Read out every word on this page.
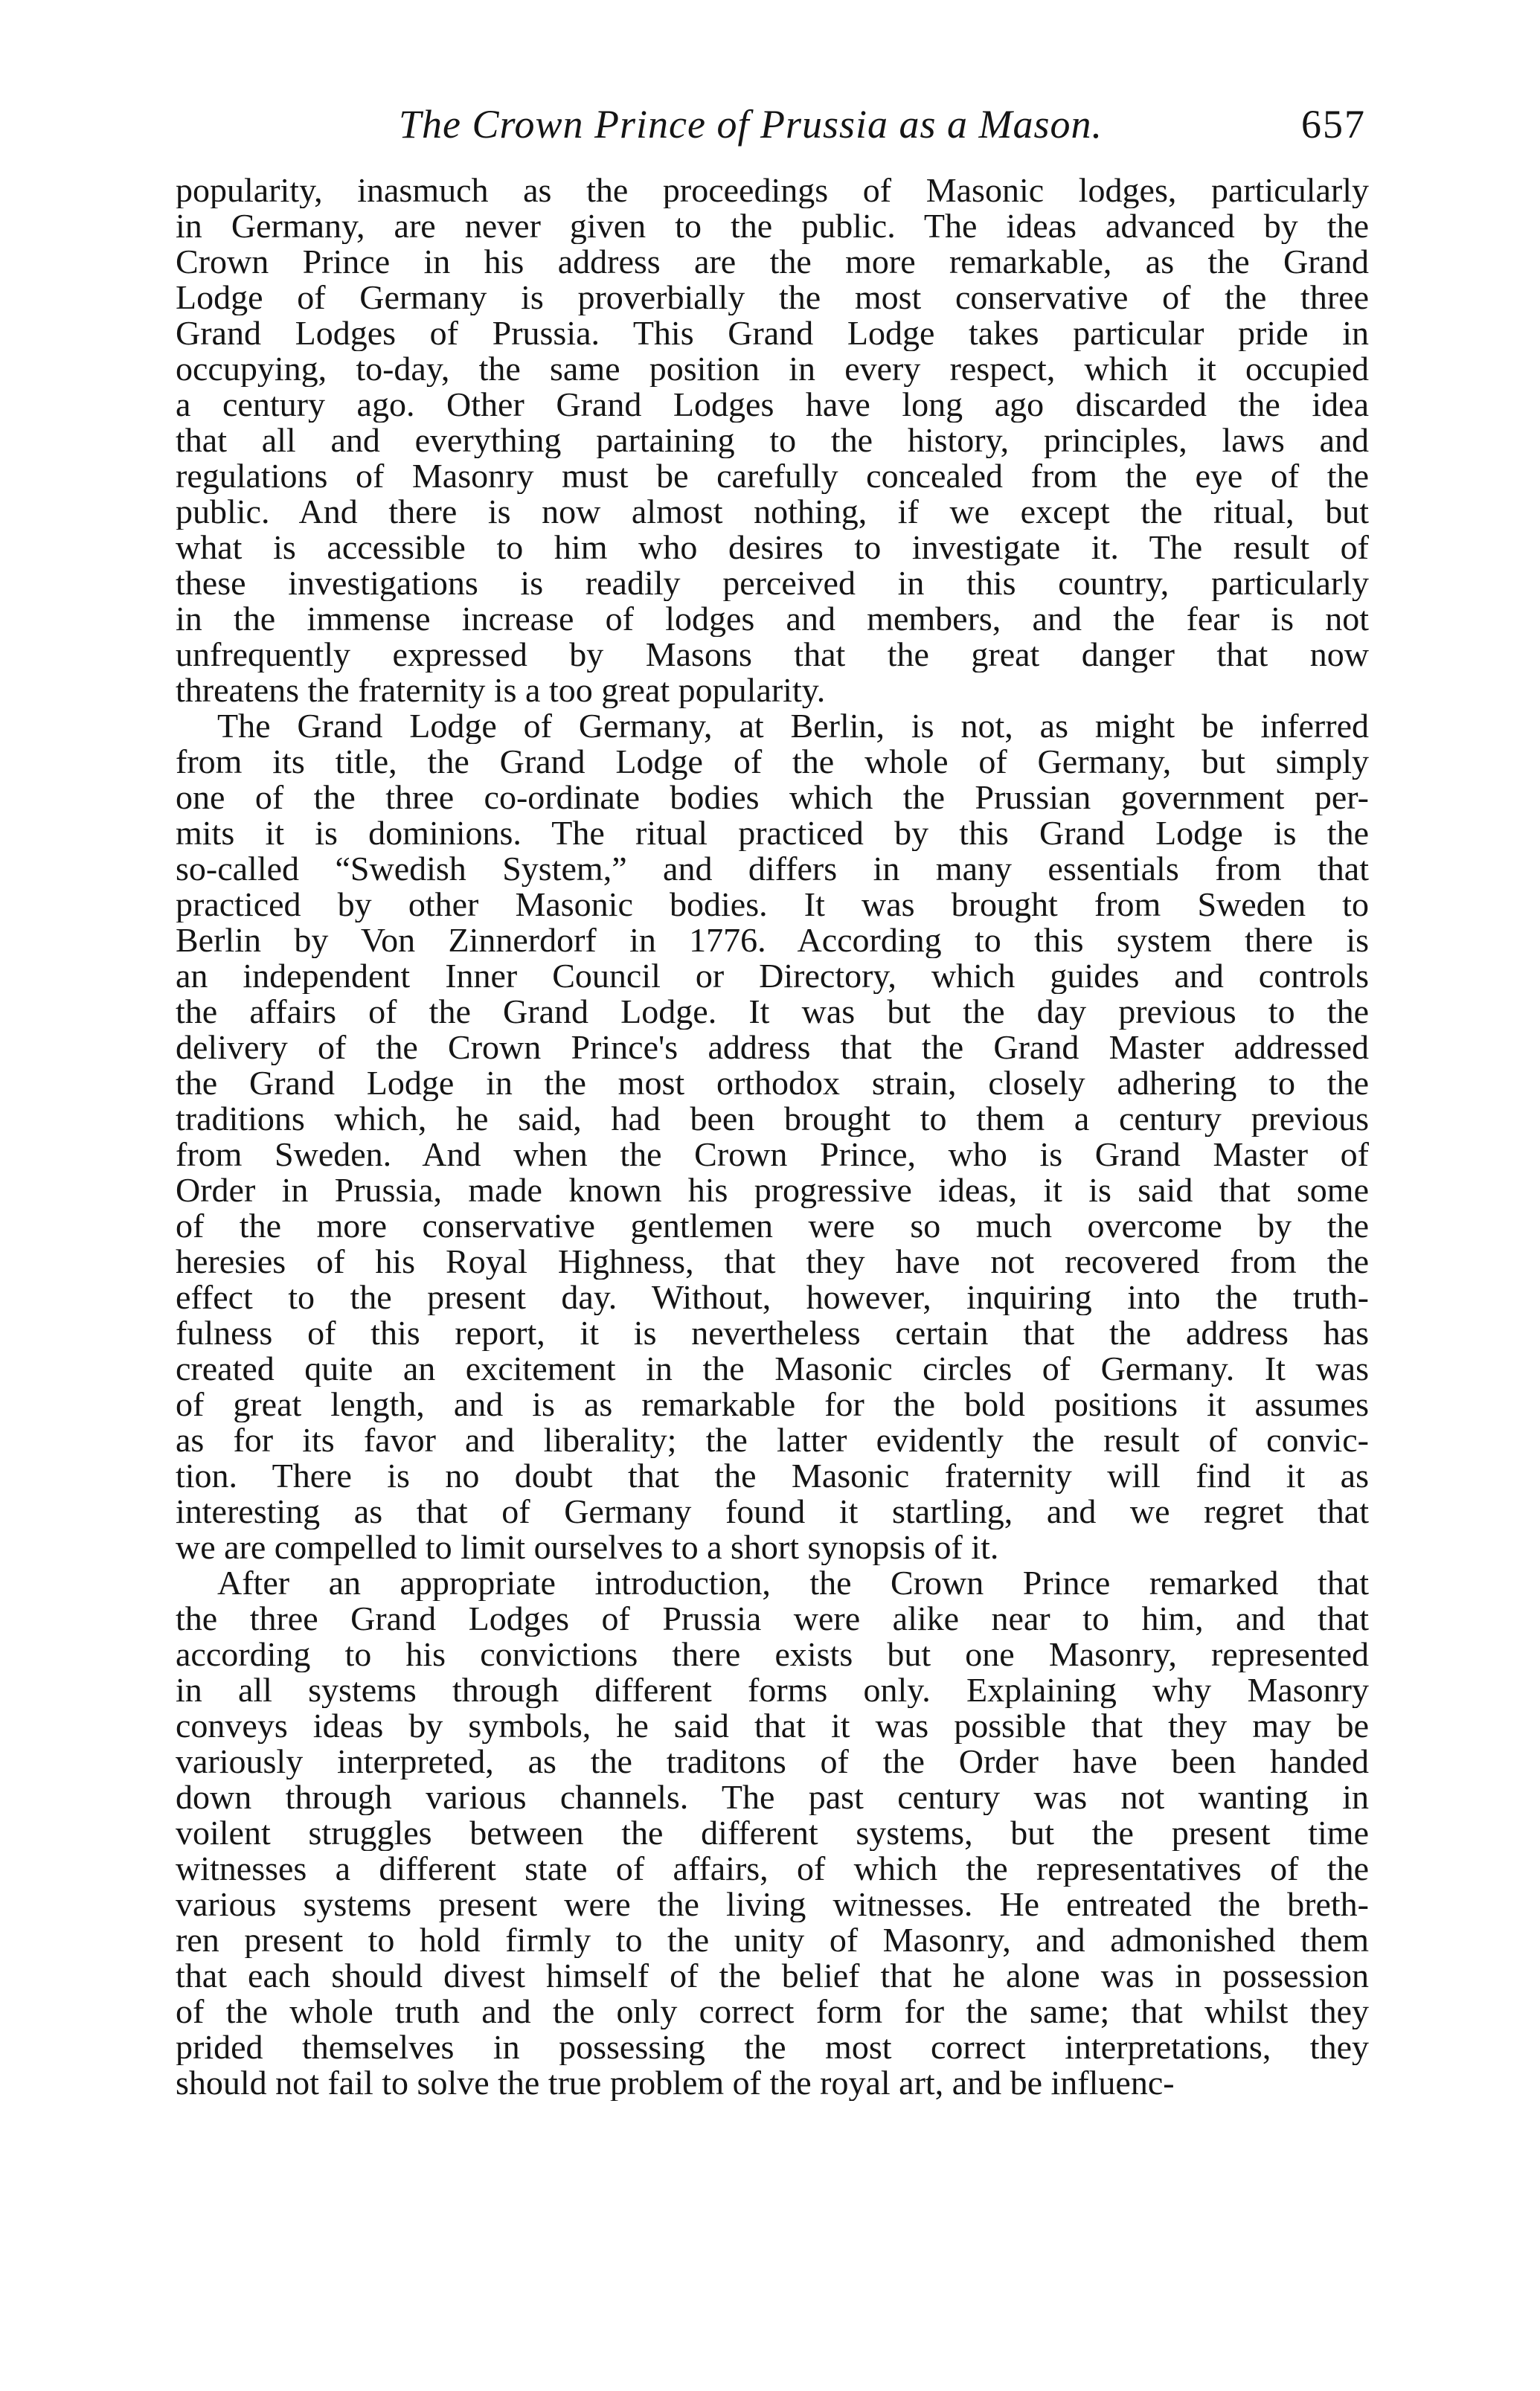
The Crown Prince of Prussia as a Mason.	657
popularity, inasmuch as the proceedings of Masonic lodges, particularly
in Germany, are never given to the public. The ideas advanced by the
Crown Prince in his address are the more remarkable, as the Grand
Lodge of Germany is proverbially the most conservative of the three
Grand Lodges of Prussia. This Grand Lodge takes particular pride in
occupying, to-day, the same position in every respect, which it occupied
a century ago. Other Grand Lodges have long ago discarded the idea
that all and everything partaining to the history, principles, laws and
regulations of Masonry must be carefully concealed from the eye of the
public. And there is now almost nothing, if we except the ritual, but
what is accessible to him who desires to investigate it. The result of
these investigations is readily perceived in this country, particularly
in the immense increase of lodges and members, and the fear is not
unfrequently expressed by Masons that the great danger that now
threatens the fraternity is a too great popularity.
The Grand Lodge of Germany, at Berlin, is not, as might be inferred
from its title, the Grand Lodge of the whole of Germany, but simply
one of the three co-ordinate bodies which the Prussian government per-
mits it is dominions. The ritual practiced by this Grand Lodge is the
so-called “Swedish System,” and differs in many essentials from that
practiced by other Masonic bodies. It was brought from Sweden to
Berlin by Von Zinnerdorf in 1776. According to this system there is
an independent Inner Council or Directory, which guides and controls
the affairs of the Grand Lodge. It was but the day previous to the
delivery of the Crown Prince's address that the Grand Master addressed
the Grand Lodge in the most orthodox strain, closely adhering to the
traditions which, he said, had been brought to them a century previous
from Sweden. And when the Crown Prince, who is Grand Master of
Order in Prussia, made known his progressive ideas, it is said that some
of the more conservative gentlemen were so much overcome by the
heresies of his Royal Highness, that they have not recovered from the
effect to the present day. Without, however, inquiring into the truth-
fulness of this report, it is nevertheless certain that the address has
created quite an excitement in the Masonic circles of Germany. It was
of great length, and is as remarkable for the bold positions it assumes
as for its favor and liberality; the latter evidently the result of convic-
tion. There is no doubt that the Masonic fraternity will find it as
interesting as that of Germany found it startling, and we regret that
we are compelled to limit ourselves to a short synopsis of it.
After an appropriate introduction, the Crown Prince remarked that
the three Grand Lodges of Prussia were alike near to him, and that
according to his convictions there exists but one Masonry, represented
in all systems through different forms only. Explaining why Masonry
conveys ideas by symbols, he said that it was possible that they may be
variously interpreted, as the traditons of the Order have been handed
down through various channels. The past century was not wanting in
voilent struggles between the different systems, but the present time
witnesses a different state of affairs, of which the representatives of the
various systems present were the living witnesses. He entreated the breth-
ren present to hold firmly to the unity of Masonry, and admonished them
that each should divest himself of the belief that he alone was in possession
of the whole truth and the only correct form for the same; that whilst they
prided themselves in possessing the most correct interpretations, they
should not fail to solve the true problem of the royal art, and be influenc-
